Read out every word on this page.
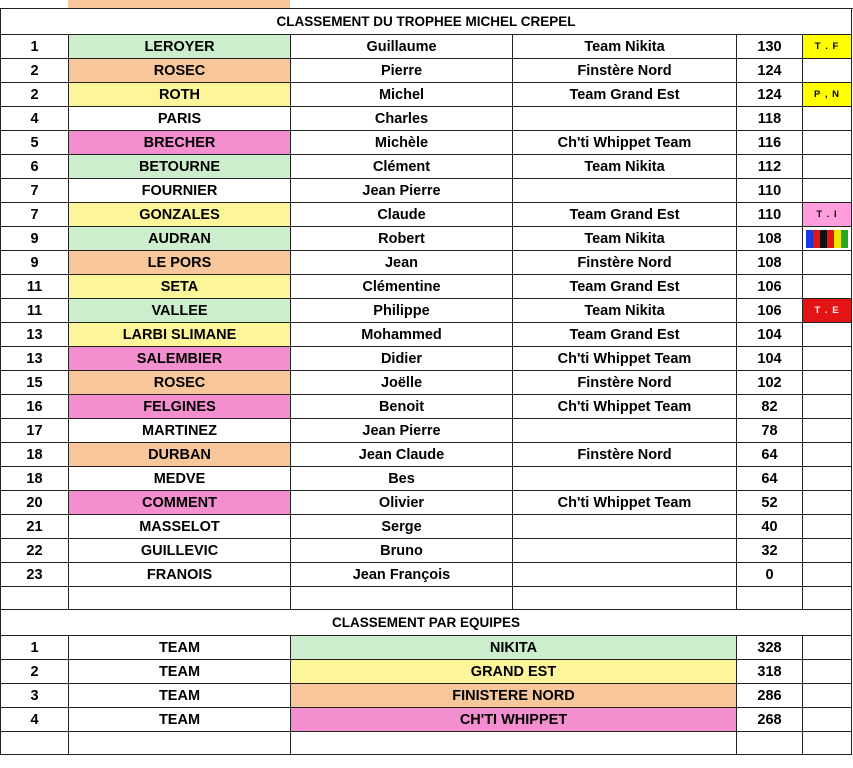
CLASSEMENT DU TROPHEE MICHEL CREPEL					
1	LEROYER	Guillaume	Team Nikita	130	T . F
2	ROSEC	Pierre	Finstère Nord	124	
2	ROTH	Michel	Team Grand Est	124	P , N
4	PARIS	Charles		118	
5	BRECHER	Michèle	Ch'ti Whippet Team	116	
6	BETOURNE	Clément	Team Nikita	112	
7	FOURNIER	Jean Pierre		110	
7	GONZALES	Claude	Team Grand Est	110	T . I
9	AUDRAN	Robert	Team Nikita	108	

9	LE PORS	Jean	Finstère Nord	108	
11	SETA	Clémentine	Team Grand Est	106	
11	VALLEE	Philippe	Team Nikita	106	T . E
13	LARBI SLIMANE	Mohammed	Team Grand Est	104	
13	SALEMBIER	Didier	Ch'ti Whippet Team	104	
15	ROSEC	Joëlle	Finstère Nord	102	
16	FELGINES	Benoit	Ch'ti Whippet Team	82	
17	MARTINEZ	Jean Pierre		78	
18	DURBAN	Jean Claude	Finstère Nord	64	
18	MEDVE	Bes		64	
20	COMMENT	Olivier	Ch'ti Whippet Team	52	
21	MASSELOT	Serge		40	
22	GUILLEVIC	Bruno		32	
23	FRANOIS	Jean François		0	

CLASSEMENT PAR EQUIPES					
1	TEAM	NIKITA		328	
2	TEAM	GRAND EST		318	
3	TEAM	FINISTERE NORD		286	
4	TEAM	CH'TI WHIPPET		268	
